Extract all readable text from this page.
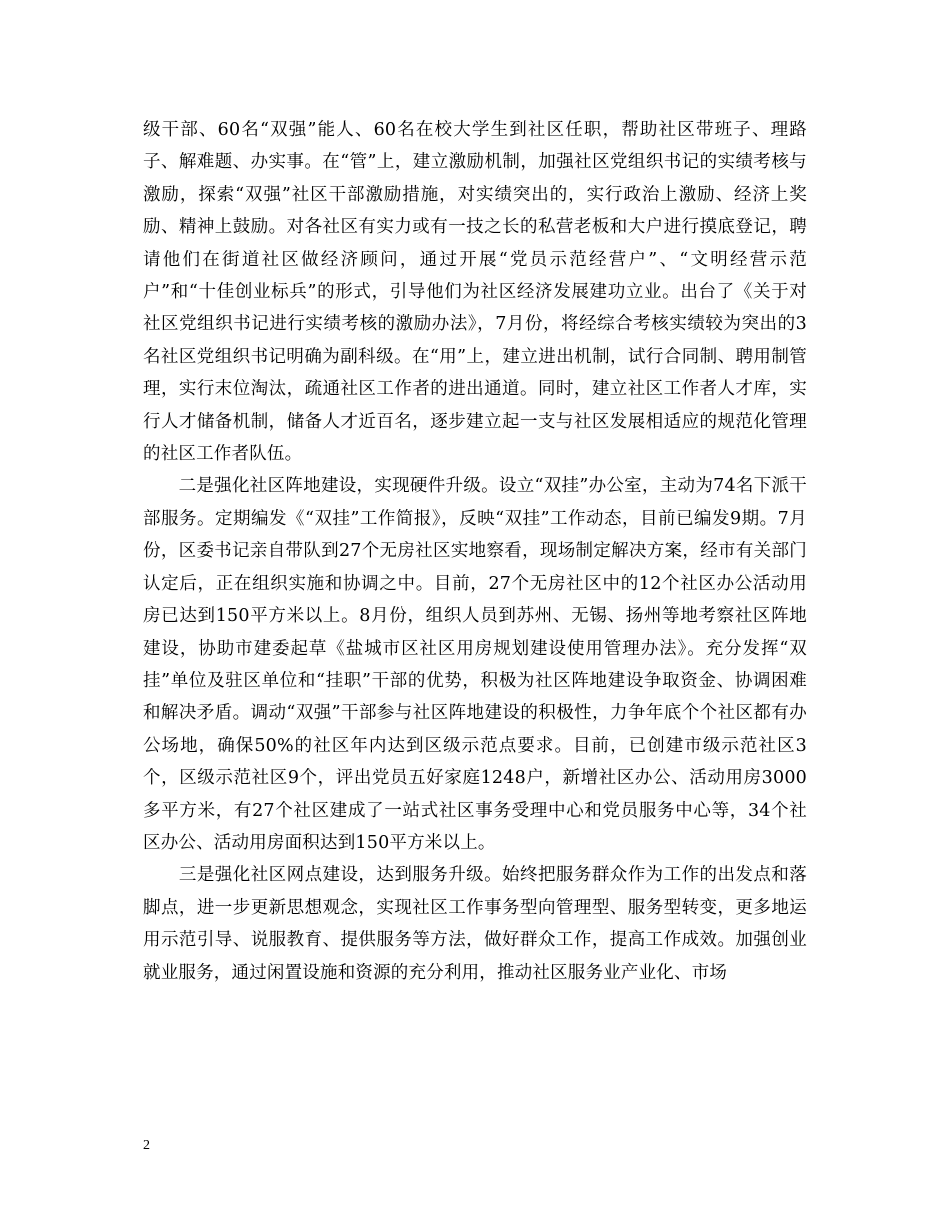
级干部、60名“双强”能人、60名在校大学生到社区任职，帮助社区带班子、理路子、解难题、办实事。在“管”上，建立激励机制，加强社区党组织书记的实绩考核与激励，探索“双强”社区干部激励措施，对实绩突出的，实行政治上激励、经济上奖励、精神上鼓励。对各社区有实力或有一技之长的私营老板和大户进行摸底登记，聘请他们在街道社区做经济顾问，通过开展“党员示范经营户”、“文明经营示范户”和“十佳创业标兵”的形式，引导他们为社区经济发展建功立业。出台了《关于对社区党组织书记进行实绩考核的激励办法》，7月份，将经综合考核实绩较为突出的3名社区党组织书记明确为副科级。在“用”上，建立进出机制，试行合同制、聘用制管理，实行末位淘汰，疏通社区工作者的进出通道。同时，建立社区工作者人才库，实行人才储备机制，储备人才近百名，逐步建立起一支与社区发展相适应的规范化管理的社区工作者队伍。

　　二是强化社区阵地建设，实现硬件升级。设立“双挂”办公室，主动为74名下派干部服务。定期编发《“双挂”工作简报》，反映“双挂”工作动态，目前已编发9期。7月份，区委书记亲自带队到27个无房社区实地察看，现场制定解决方案，经市有关部门认定后，正在组织实施和协调之中。目前，27个无房社区中的12个社区办公活动用房已达到150平方米以上。8月份，组织人员到苏州、无锡、扬州等地考察社区阵地建设，协助市建委起草《盐城市区社区用房规划建设使用管理办法》。充分发挥“双挂”单位及驻区单位和“挂职”干部的优势，积极为社区阵地建设争取资金、协调困难和解决矛盾。调动“双强”干部参与社区阵地建设的积极性，力争年底个个社区都有办公场地，确保50%的社区年内达到区级示范点要求。目前，已创建市级示范社区3个，区级示范社区9个，评出党员五好家庭1248户，新增社区办公、活动用房3000多平方米，有27个社区建成了一站式社区事务受理中心和党员服务中心等，34个社区办公、活动用房面积达到150平方米以上。

　　三是强化社区网点建设，达到服务升级。始终把服务群众作为工作的出发点和落脚点，进一步更新思想观念，实现社区工作事务型向管理型、服务型转变，更多地运用示范引导、说服教育、提供服务等方法，做好群众工作，提高工作成效。加强创业就业服务，通过闲置设施和资源的充分利用，推动社区服务业产业化、市场

2
